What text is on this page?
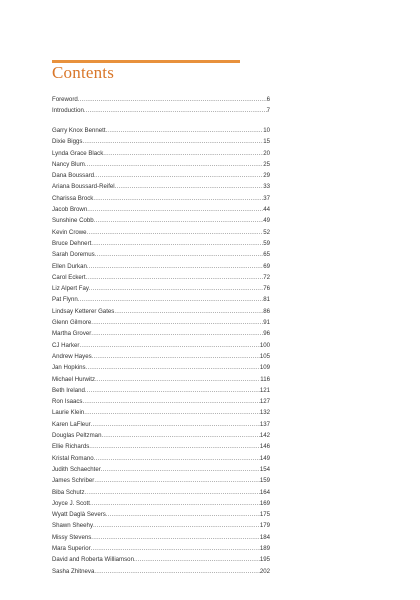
Contents
Foreword .....	6
Introduction .....	7
Garry Knox Bennett .....	10
Dixie Biggs .....	15
Lynda Grace Black .....	20
Nancy Blum .....	25
Dana Boussard .....	29
Ariana Boussard-Reifel .....	33
Charissa Brock .....	37
Jacob Brown .....	44
Sunshine Cobb .....	49
Kevin Crowe .....	52
Bruce Dehnert .....	59
Sarah Doremus .....	65
Ellen Durkan .....	69
Carol Eckert .....	72
Liz Alpert Fay .....	76
Pat Flynn .....	81
Lindsay Ketterer Gates .....	86
Glenn Gilmore .....	91
Martha Grover .....	96
CJ Harker .....	100
Andrew Hayes .....	105
Jan Hopkins .....	109
Michael Hurwitz .....	116
Beth Ireland .....	121
Ron Isaacs .....	127
Laurie Klein .....	132
Karen LaFleur .....	137
Douglas Peltzman .....	142
Ellie Richards .....	146
Kristal Romano .....	149
Judith Schaechter .....	154
James Schriber .....	159
Biba Schutz .....	164
Joyce J. Scott .....	169
Wyatt Daglà Severs .....	175
Shawn Sheehy .....	179
Missy Stevens .....	184
Mara Superior .....	189
David and Roberta Williamson .....	195
Sasha Zhitneva .....	202
